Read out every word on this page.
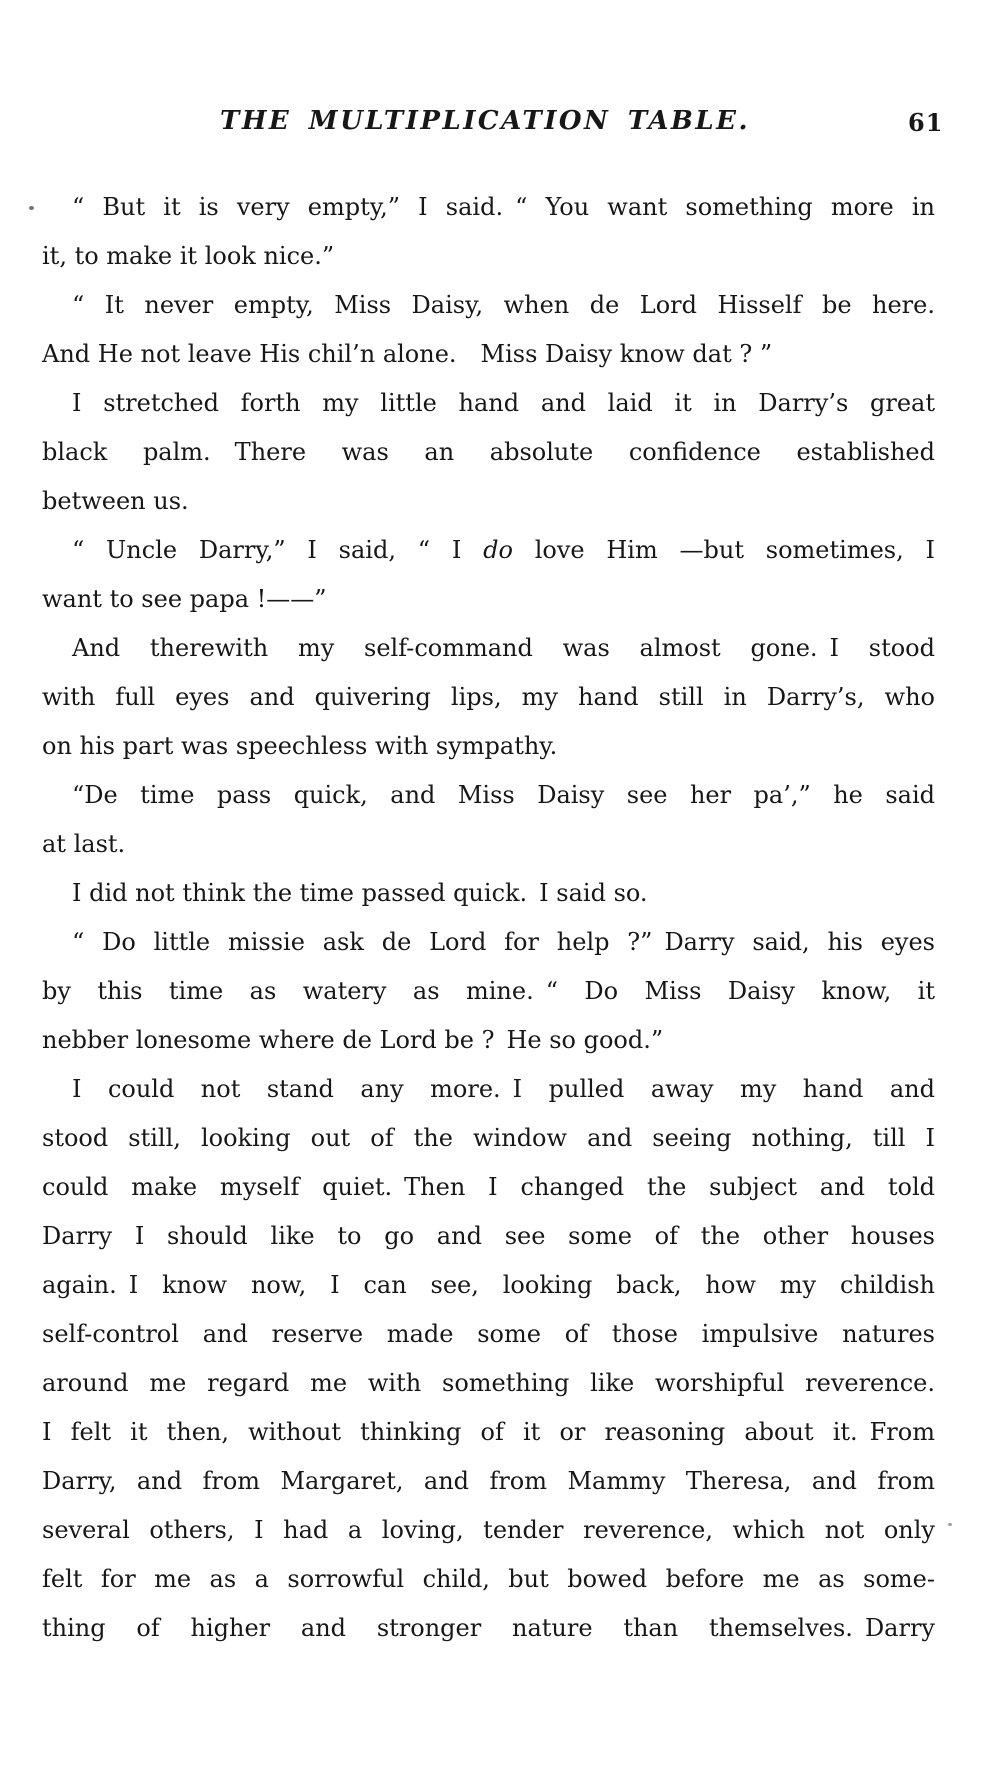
THE MULTIPLICATION TABLE.	61
“ But it is very empty,” I said. “ You want something more in
it, to make it look nice.”
“ It never empty, Miss Daisy, when de Lord Hisself be here.
And He not leave His chil’n alone. Miss Daisy know dat ? ”
I stretched forth my little hand and laid it in Darry’s great
black palm. There was an absolute confidence established
between us.
“ Uncle Darry,” I said, “ I do love Him —but sometimes, I
want to see papa !——”
And therewith my self-command was almost gone. I stood
with full eyes and quivering lips, my hand still in Darry’s, who
on his part was speechless with sympathy.
“De time pass quick, and Miss Daisy see her pa’,” he said
at last.
I did not think the time passed quick. I said so.
“ Do little missie ask de Lord for help ?” Darry said, his eyes
by this time as watery as mine. “ Do Miss Daisy know, it
nebber lonesome where de Lord be ? He so good.”
I could not stand any more. I pulled away my hand and
stood still, looking out of the window and seeing nothing, till I
could make myself quiet. Then I changed the subject and told
Darry I should like to go and see some of the other houses
again. I know now, I can see, looking back, how my childish
self-control and reserve made some of those impulsive natures
around me regard me with something like worshipful reverence.
I felt it then, without thinking of it or reasoning about it. From
Darry, and from Margaret, and from Mammy Theresa, and from
several others, I had a loving, tender reverence, which not only
felt for me as a sorrowful child, but bowed before me as some-
thing of higher and stronger nature than themselves. Darry
